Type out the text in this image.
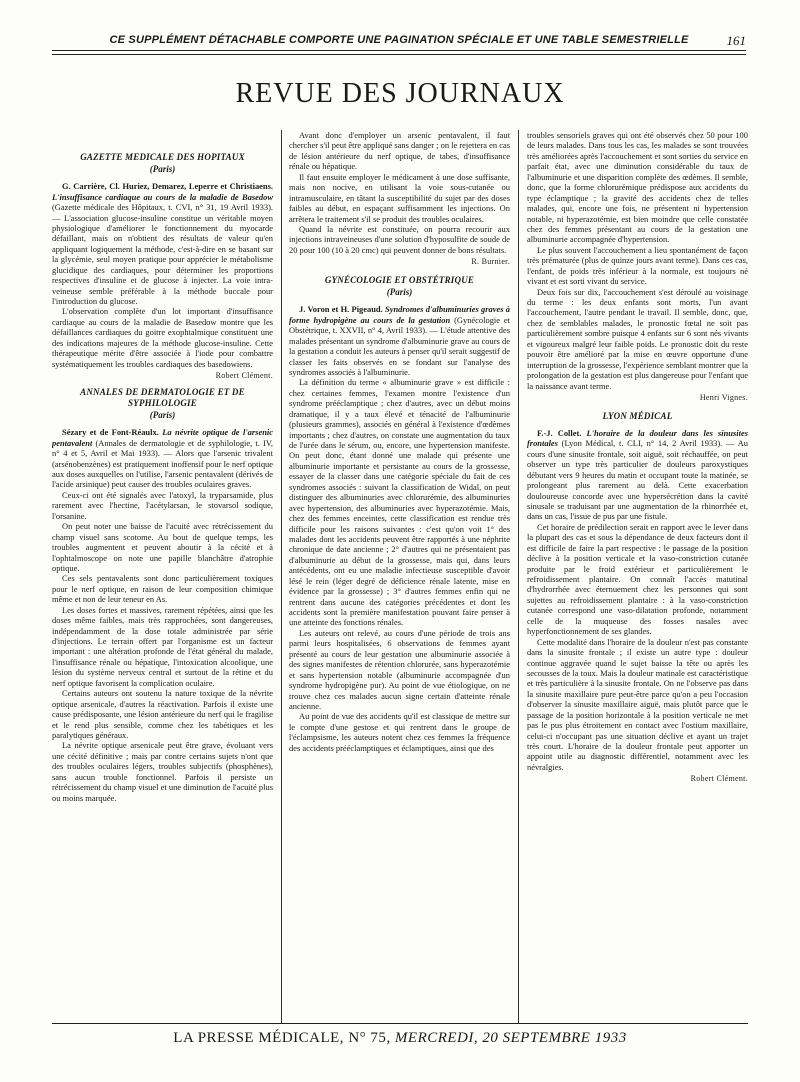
CE SUPPLÉMENT DÉTACHABLE COMPORTE UNE PAGINATION SPÉCIALE ET UNE TABLE SEMESTRIELLE	161
REVUE DES JOURNAUX
GAZETTE MEDICALE DES HOPITAUX
(Paris)

G. Carrière, Cl. Huriez, Demarez, Leperre et Christiaens. L'insuffisance cardiaque au cours de la maladie de Basedow (Gazette médicale des Hôpitaux, t. CVI, n° 31, 19 Avril 1933). — L'association glucose-insuline constitue un véritable moyen physiologique d'améliorer le fonctionnement du myocarde défaillant, mais on n'obtient des résultats de valeur qu'en appliquant logiquement la méthode, c'est-à-dire en se basant sur la glycémie, seul moyen pratique pour apprécier le métabolisme glucidique des cardiaques, pour déterminer les proportions respectives d'insuline et de glucose à injecter. La voie intra-veineuse semble préférable à la méthode buccale pour l'introduction du glucose.

L'observation complète d'un lot important d'insuffisance cardiaque au cours de la maladie de Basedow montre que les défaillances cardiaques du goitre exophtalmique constituent une des indications majeures de la méthode glucose-insuline. Cette thérapeutique mérite d'être associée à l'iode pour combattre systématiquement les troubles cardiaques des basedowiens.

Robert Clément.
ANNALES DE DERMATOLOGIE ET DE SYPHILOLOGIE
(Paris)

Sézary et de Font-Réaulx. La névrite optique de l'arsenic pentavalent (Annales de dermatologie et de syphilologie, t. IV, n° 4 et 5, Avril et Mai 1933). — Alors que l'arsenic trivalent (arsénobenzènes) est pratiquement inoffensif pour le nerf optique aux doses auxquelles on l'utilise, l'arsenic pentavalent (dérivés de l'acide arsinique) peut causer des troubles oculaires graves.

Ceux-ci ont été signalés avec l'atoxyl, la tryparsamide, plus rarement avec l'hectine, l'acétylarsan, le stovarsol sodique, l'orsanine.

On peut noter une baisse de l'acuité avec rétrécissement du champ visuel sans scotome. Au bout de quelque temps, les troubles augmentent et peuvent aboutir à la cécité et à l'ophtalmoscope on note une papille blanchâtre d'atrophie optique.

Ces sels pentavalents sont donc particulièrement toxiques pour le nerf optique, en raison de leur composition chimique même et non de leur teneur en As.

Les doses fortes et massives, rarement répétées, ainsi que les doses même faibles, mais très rapprochées, sont dangereuses, indépendamment de la dose totale administrée par série d'injections. Le terrain offert par l'organisme est un facteur important : une altération profonde de l'état général du malade, l'insuffisance rénale ou hépatique, l'intoxication alcoolique, une lésion du système nerveux central et surtout de la rétine et du nerf optique favorisent la complication oculaire.

Certains auteurs ont soutenu la nature toxique de la névrite optique arsenicale, d'autres la réactivation. Parfois il existe une cause prédisposante, une lésion antérieure du nerf qui le fragilise et le rend plus sensible, comme chez les tabétiques et les paralytiques généraux.

La névrite optique arsenicale peut être grave, évoluant vers une cécité définitive ; mais par contre certains sujets n'ont que des troubles oculaires légers, troubles subjectifs (phosphènes), sans aucun trouble fonctionnel. Parfois il persiste un rétrécissement du champ visuel et une diminution de l'acuité plus ou moins marquée.

Avant donc d'employer un arsenic pentavalent, il faut chercher s'il peut être appliqué sans danger ; on le rejettera en cas de lésion antérieure du nerf optique, de tabes, d'insuffisance rénale ou hépatique.

Il faut ensuite employer le médicament à une dose suffisante, mais non nocive, en utilisant la voie sous-cutanée ou intramusculaire, en tâtant la susceptibilité du sujet par des doses faibles au début, en espaçant suffisamment les injections. On arrêtera le traitement s'il se produit des troubles oculaires.

Quand la névrite est constituée, on pourra recourir aux injections intraveineuses d'une solution d'hyposulfite de soude de 20 pour 100 (10 à 20 cmc) qui peuvent donner de bons résultats.

R. Burnier.
GYNÉCOLOGIE ET OBSTÉTRIQUE
(Paris)

J. Voron et H. Pigeaud. Syndromes d'albuminuries graves à forme hydropigène au cours de la gestation (Gynécologie et Obstétrique, t. XXVII, n° 4, Avril 1933). — L'étude attentive des malades présentant un syndrome d'albuminurie grave au cours de la gestation a conduit les auteurs à penser qu'il serait suggestif de classer les faits observés en se fondant sur l'analyse des syndromes associés à l'albuminurie.

La définition du terme « albuminurie grave » est difficile : chez certaines femmes, l'examen montre l'existence d'un syndrome prééclamptique ; chez d'autres, avec un début moins dramatique, il y a taux élevé et ténacité de l'albuminurie (plusieurs grammes), associés en général à l'existence d'œdèmes importants ; chez d'autres, on constate une augmentation du taux de l'urée dans le sérum, ou, encore, une hypertension manifeste. On peut donc, étant donné une malade qui présente une albuminurie importante et persistante au cours de la grossesse, essayer de la classer dans une catégorie spéciale du fait de ces syndromes associés : suivant la classification de Widal, on peut distinguer des albuminuries avec chlorurémie, des albuminuries avec hypertension, des albuminuries avec hyperazotémie. Mais, chez des femmes enceintes, cette classification est rendue très difficile pour les raisons suivantes : c'est qu'on voit 1° des malades dont les accidents peuvent être rapportés à une néphrite chronique de date ancienne ; 2° d'autres qui ne présentaient pas d'albuminurie au début de la grossesse, mais qui, dans leurs antécédents, ont eu une maladie infectieuse susceptible d'avoir lésé le rein (léger degré de déficience rénale latente, mise en évidence par la grossesse) ; 3° d'autres femmes enfin qui ne rentrent dans aucune des catégories précédentes et dont les accidents sont la première manifestation pouvant faire penser à une atteinte des fonctions rénales.

Les auteurs ont relevé, au cours d'une période de trois ans parmi leurs hospitalisées, 6 observations de femmes ayant présenté au cours de leur gestation une albuminurie associée à des signes manifestes de rétention chlorurée, sans hyperazotémie et sans hypertension notable (albuminurie accompagnée d'un syndrome hydropigène pur). Au point de vue étiologique, on ne trouve chez ces malades aucun signe certain d'atteinte rénale ancienne.

Au point de vue des accidents qu'il est classique de mettre sur le compte d'une gestose et qui rentrent dans le groupe de l'éclampsisme, les auteurs notent chez ces femmes la fréquence des accidents prééclamptiques et éclamptiques, ainsi que des

troubles sensoriels graves qui ont été observés chez 50 pour 100 de leurs malades. Dans tous les cas, les malades se sont trouvées très améliorées après l'accouchement et sont sorties du service en parfait état, avec une diminution considérable du taux de l'albuminurie et une disparition complète des œdèmes. Il semble, donc, que la forme chlorurémique prédispose aux accidents du type éclamptique ; la gravité des accidents chez de telles malades, qui, encore une fois, ne présentent ni hypertension notable, ni hyperazotémie, est bien moindre que celle constatée chez des femmes présentant au cours de la gestation une albuminurie accompagnée d'hypertension.

Le plus souvent l'accouchement a lieu spontanément de façon très prématurée (plus de quinze jours avant terme). Dans ces cas, l'enfant, de poids très inférieur à la normale, est toujours né vivant et est sorti vivant du service.

Deux fois sur dix, l'accouchement s'est déroulé au voisinage du terme : les deux enfants sont morts, l'un avant l'accouchement, l'autre pendant le travail. Il semble, donc, que, chez de semblables malades, le pronostic fœtal ne soit pas particulièrement sombre puisque 4 enfants sur 6 sont nés vivants et vigoureux malgré leur faible poids. Le pronostic doit du reste pouvoir être amélioré par la mise en œuvre opportune d'une interruption de la grossesse, l'expérience semblant montrer que la prolongation de la gestation est plus dangereuse pour l'enfant que la naissance avant terme.

Henri Vignes.
LYON MÉDICAL

F.-J. Collet. L'horaire de la douleur dans les sinusites frontales (Lyon Médical, t. CLI, n° 14, 2 Avril 1933). — Au cours d'une sinusite frontale, soit aiguë, soit réchauffée, on peut observer un type très particulier de douleurs paroxystiques débutant vers 9 heures du matin et occupant toute la matinée, se prolongeant plus rarement au delà. Cette exacerbation douloureuse concorde avec une hypersécrétion dans la cavité sinusale se traduisant par une augmentation de la rhinorrhée et, dans un cas, l'issue de pus par une fistule.

Cet horaire de prédilection serait en rapport avec le lever dans la plupart des cas et sous la dépendance de deux facteurs dont il est difficile de faire la part respective : le passage de la position déclive à la position verticale et la vaso-constriction cutanée produite par le froid extérieur et particulièrement le refroidissement plantaire. On connaît l'accès matutinal d'hydrorrhée avec éternuement chez les personnes qui sont sujettes au refroidissement plantaire : à la vaso-constriction cutanée correspond une vaso-dilatation profonde, notamment celle de la muqueuse des fosses nasales avec hyperfonctionnement de ses glandes.

Cette modalité dans l'horaire de la douleur n'est pas constante dans la sinusite frontale ; il existe un autre type : douleur continue aggravée quand le sujet baisse la tête ou après les secousses de la toux. Mais la douleur matinale est caractéristique et très particulière à la sinusite frontale. On ne l'observe pas dans la sinusite maxillaire pure peut-être parce qu'on a peu l'occasion d'observer la sinusite maxillaire aiguë, mais plutôt parce que le passage de la position horizontale à la position verticale ne met pas le pus plus étroitement en contact avec l'ostium maxillaire, celui-ci n'occupant pas une situation déclive et ayant un trajet très court. L'horaire de la douleur frontale peut apporter un appoint utile au diagnostic différentiel, notamment avec les névralgies.

Robert Clément.
LA PRESSE MÉDICALE, N° 75, MERCREDI, 20 SEPTEMBRE 1933
